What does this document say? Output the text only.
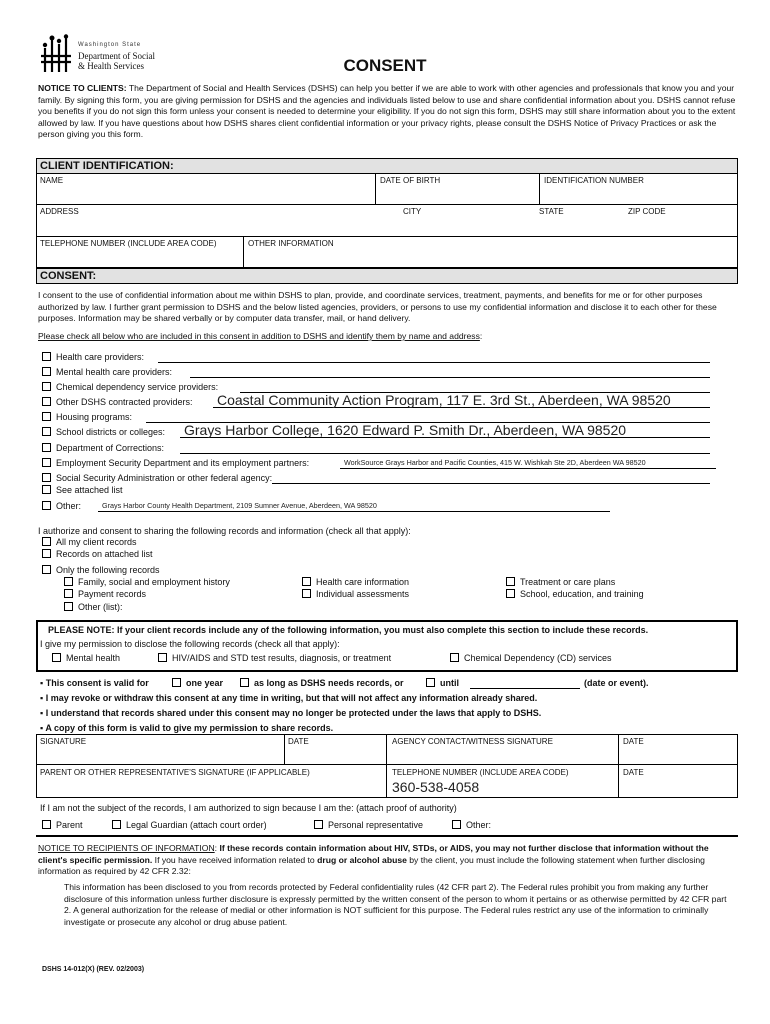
Washington State
Department of Social
& Health Services	CONSENT

NOTICE TO CLIENTS: The Department of Social and Health Services (DSHS) can help you better if we are able to work with other agencies and professionals that know you and your family. By signing this form, you are giving permission for DSHS and the agencies and individuals listed below to use and share confidential information about you. DSHS cannot refuse you benefits if you do not sign this form unless your consent is needed to determine your eligibility. If you do not sign this form, DSHS may still share information about you to the extent allowed by law. If you have questions about how DSHS shares client confidential information or your privacy rights, please consult the DSHS Notice of Privacy Practices or ask the person giving you this form.

CLIENT IDENTIFICATION:
NAME	DATE OF BIRTH	IDENTIFICATION NUMBER
ADDRESS	CITY	STATE	ZIP CODE
TELEPHONE NUMBER (INCLUDE AREA CODE)	OTHER INFORMATION
CONSENT:

I consent to the use of confidential information about me within DSHS to plan, provide, and coordinate services, treatment, payments, and benefits for me or for other purposes authorized by law. I further grant permission to DSHS and the below listed agencies, providers, or persons to use my confidential information and disclose it to each other for these purposes. Information may be shared verbally or by computer data transfer, mail, or hand delivery.

Please check all below who are included in this consent in addition to DSHS and identify them by name and address:

Health care providers:
Mental health care providers:
Chemical dependency service providers:
Other DSHS contracted providers: Coastal Community Action Program, 117 E. 3rd St., Aberdeen, WA 98520
Housing programs:
School districts or colleges: Grays Harbor College, 1620 Edward P. Smith Dr., Aberdeen, WA 98520
Department of Corrections:
Employment Security Department and its employment partners:	WorkSource Grays Harbor and Pacific Counties, 415 W. Wishkah Ste 2D, Aberdeen WA 98520
Social Security Administration or other federal agency:
See attached list
Other:	Grays Harbor County Health Department, 2109 Sumner Avenue, Aberdeen, WA 98520

I authorize and consent to sharing the following records and information (check all that apply):

All my client records
Records on attached list
Only the following records
Family, social and employment history
Payment records
Other (list):
Health care information
Individual assessments
Treatment or care plans
School, education, and training
PLEASE NOTE: If your client records include any of the following information, you must also complete this section to include these records.
I give my permission to disclose the following records (check all that apply):
Mental health	HIV/AIDS and STD test results, diagnosis, or treatment	Chemical Dependency (CD) services
▪ This consent is valid for	one year	as long as DSHS needs records, or	until	(date or event).
▪ I may revoke or withdraw this consent at any time in writing, but that will not affect any information already shared.
▪ I understand that records shared under this consent may no longer be protected under the laws that apply to DSHS.
▪ A copy of this form is valid to give my permission to share records.
SIGNATURE	DATE	AGENCY CONTACT/WITNESS SIGNATURE	DATE
PARENT OR OTHER REPRESENTATIVE'S SIGNATURE (IF APPLICABLE)	TELEPHONE NUMBER (INCLUDE AREA CODE)	DATE
360-538-4058
If I am not the subject of the records, I am authorized to sign because I am the: (attach proof of authority)
Parent	Legal Guardian (attach court order)	Personal representative	Other:

NOTICE TO RECIPIENTS OF INFORMATION: If these records contain information about HIV, STDs, or AIDS, you may not further disclose that information without the client's specific permission. If you have received information related to drug or alcohol abuse by the client, you must include the following statement when further disclosing information as required by 42 CFR 2.32:

This information has been disclosed to you from records protected by Federal confidentiality rules (42 CFR part 2). The Federal rules prohibit you from making any further disclosure of this information unless further disclosure is expressly permitted by the written consent of the person to whom it pertains or as otherwise permitted by 42 CFR part 2. A general authorization for the release of medial or other information is NOT sufficient for this purpose. The Federal rules restrict any use of the information to criminally investigate or prosecute any alcohol or drug abuse patient.

DSHS 14-012(X) (REV. 02/2003)
